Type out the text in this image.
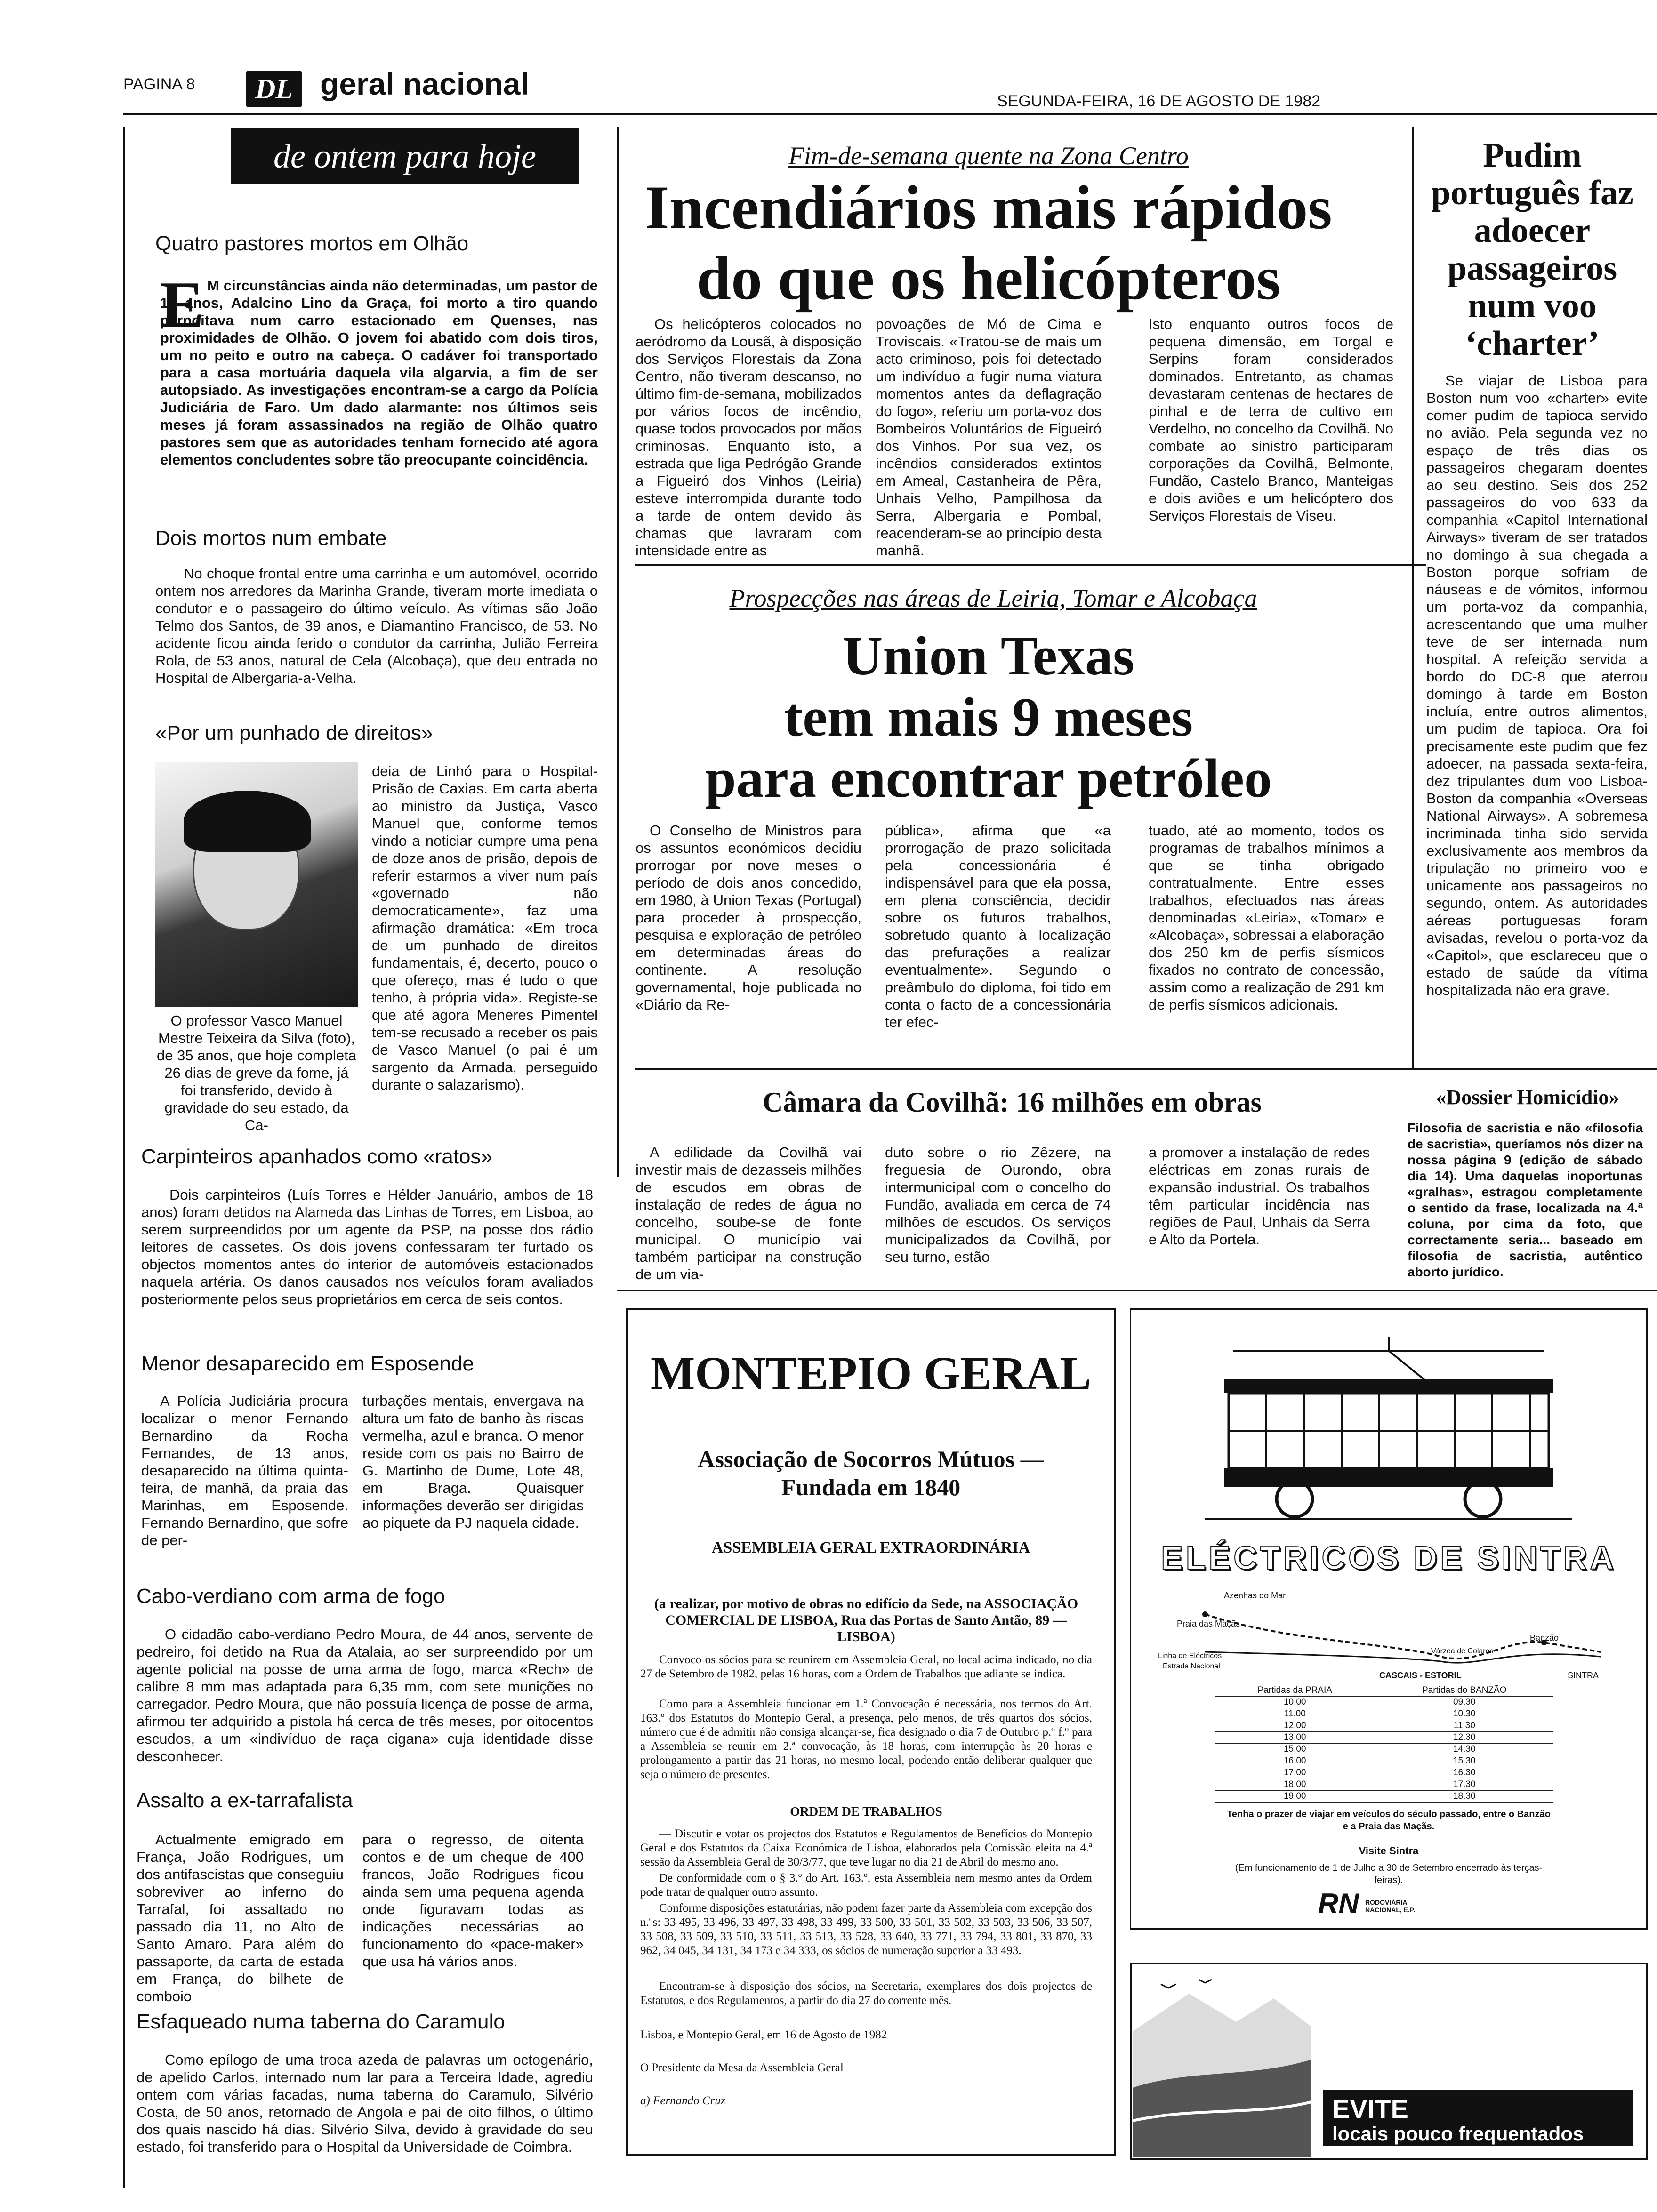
PAGINA 8	DL geral nacional	SEGUNDA-FEIRA, 16 DE AGOSTO DE 1982
de ontem para hoje
Quatro pastores mortos em Olhão
E M circunstâncias ainda não determinadas, um pastor de 19 anos, Adalcino Lino da Graça, foi morto a tiro quando pernoitava num carro estacionado em Quenses, nas proximidades de Olhão. O jovem foi abatido com dois tiros, um no peito e outro na cabeça. O cadáver foi transportado para a casa mortuária daquela vila algarvia, a fim de ser autopsiado. As investigações encontram-se a cargo da Polícia Judiciária de Faro. Um dado alarmante: nos últimos seis meses já foram assassinados na região de Olhão quatro pastores sem que as autoridades tenham fornecido até agora elementos concludentes sobre tão preocupante coincidência.

Dois mortos num embate

No choque frontal entre uma carrinha e um automóvel, ocorrido ontem nos arredores da Marinha Grande, tiveram morte imediata o condutor e o passageiro do último veículo. As vítimas são João Telmo dos Santos, de 39 anos, e Diamantino Francisco, de 53. No acidente ficou ainda ferido o condutor da carrinha, Julião Ferreira Rola, de 53 anos, natural de Cela (Alcobaça), que deu entrada no Hospital de Albergaria-a-Velha.

«Por um punhado de direitos»

O professor Vasco Manuel Mestre Teixeira da Silva (foto), de 35 anos, que hoje completa 26 dias de greve da fome, já foi transferido, devido à gravidade do seu estado, da Ca-

deia de Linhó para o Hospital-Prisão de Caxias. Em carta aberta ao ministro da Justiça, Vasco Manuel que, conforme temos vindo a noticiar cumpre uma pena de doze anos de prisão, depois de referir estarmos a viver num país «governado não democraticamente», faz uma afirmação dramática: «Em troca de um punhado de direitos fundamentais, é, decerto, pouco o que ofereço, mas é tudo o que tenho, à própria vida». Registe-se que até agora Meneres Pimentel tem-se recusado a receber os pais de Vasco Manuel (o pai é um sargento da Armada, perseguido durante o salazarismo).

Carpinteiros apanhados como «ratos»

Dois carpinteiros (Luís Torres e Hélder Januário, ambos de 18 anos) foram detidos na Alameda das Linhas de Torres, em Lisboa, ao serem surpreendidos por um agente da PSP, na posse dos rádio leitores de cassetes. Os dois jovens confessaram ter furtado os objectos momentos antes do interior de automóveis estacionados naquela artéria. Os danos causados nos veículos foram avaliados posteriormente pelos seus proprietários em cerca de seis contos.

Menor desaparecido em Esposende

A Polícia Judiciária procura localizar o menor Fernando Bernardino da Rocha Fernandes, de 13 anos, desaparecido na última quinta-feira, de manhã, da praia das Marinhas, em Esposende. Fernando Bernardino, que sofre de per-

turbações mentais, envergava na altura um fato de banho às riscas vermelha, azul e branca. O menor reside com os pais no Bairro de G. Martinho de Dume, Lote 48, em Braga. Quaisquer informações deverão ser dirigidas ao piquete da PJ naquela cidade.

Cabo-verdiano com arma de fogo

O cidadão cabo-verdiano Pedro Moura, de 44 anos, servente de pedreiro, foi detido na Rua da Atalaia, ao ser surpreendido por um agente policial na posse de uma arma de fogo, marca «Rech» de calibre 8 mm mas adaptada para 6,35 mm, com sete munições no carregador. Pedro Moura, que não possuía licença de posse de arma, afirmou ter adquirido a pistola há cerca de três meses, por oitocentos escudos, a um «indivíduo de raça cigana» cuja identidade disse desconhecer.

Assalto a ex-tarrafalista

Actualmente emigrado em França, João Rodrigues, um dos antifascistas que conseguiu sobreviver ao inferno do Tarrafal, foi assaltado no passado dia 11, no Alto de Santo Amaro. Para além do passaporte, da carta de estada em França, do bilhete de comboio

para o regresso, de oitenta contos e de um cheque de 400 francos, João Rodrigues ficou ainda sem uma pequena agenda onde figuravam todas as indicações necessárias ao funcionamento do «pace-maker» que usa há vários anos.

Esfaqueado numa taberna do Caramulo

Como epílogo de uma troca azeda de palavras um octogenário, de apelido Carlos, internado num lar para a Terceira Idade, agrediu ontem com várias facadas, numa taberna do Caramulo, Silvério Costa, de 50 anos, retornado de Angola e pai de oito filhos, o último dos quais nascido há dias. Silvério Silva, devido à gravidade do seu estado, foi transferido para o Hospital da Universidade de Coimbra.

Fim-de-semana quente na Zona Centro
Incendiários mais rápidos
do que os helicópteros

Os helicópteros colocados no aeródromo da Lousã, à disposição dos Serviços Florestais da Zona Centro, não tiveram descanso, no último fim-de-semana, mobilizados por vários focos de incêndio, quase todos provocados por mãos criminosas. Enquanto isto, a estrada que liga Pedrógão Grande a Figueiró dos Vinhos (Leiria) esteve interrompida durante todo a tarde de ontem devido às chamas que lavraram com intensidade entre as

povoações de Mó de Cima e Troviscais. «Tratou-se de mais um acto criminoso, pois foi detectado um indivíduo a fugir numa viatura momentos antes da deflagração do fogo», referiu um porta-voz dos Bombeiros Voluntários de Figueiró dos Vinhos. Por sua vez, os incêndios considerados extintos em Ameal, Castanheira de Pêra, Unhais Velho, Pampilhosa da Serra, Albergaria e Pombal, reacenderam-se ao princípio desta manhã.

Isto enquanto outros focos de pequena dimensão, em Torgal e Serpins foram considerados dominados. Entretanto, as chamas devastaram centenas de hectares de pinhal e de terra de cultivo em Verdelho, no concelho da Covilhã. No combate ao sinistro participaram corporações da Covilhã, Belmonte, Fundão, Castelo Branco, Manteigas e dois aviões e um helicóptero dos Serviços Florestais de Viseu.

Pudim português faz adoecer passageiros num voo ‘charter’

Se viajar de Lisboa para Boston num voo «charter» evite comer pudim de tapioca servido no avião. Pela segunda vez no espaço de três dias os passageiros chegaram doentes ao seu destino. Seis dos 252 passageiros do voo 633 da companhia «Capitol International Airways» tiveram de ser tratados no domingo à sua chegada a Boston porque sofriam de náuseas e de vómitos, informou um porta-voz da companhia, acrescentando que uma mulher teve de ser internada num hospital. A refeição servida a bordo do DC-8 que aterrou domingo à tarde em Boston incluía, entre outros alimentos, um pudim de tapioca. Ora foi precisamente este pudim que fez adoecer, na passada sexta-feira, dez tripulantes dum voo Lisboa-Boston da companhia «Overseas National Airways». A sobremesa incriminada tinha sido servida exclusivamente aos membros da tripulação no primeiro voo e unicamente aos passageiros no segundo, ontem. As autoridades aéreas portuguesas foram avisadas, revelou o porta-voz da «Capitol», que esclareceu que o estado de saúde da vítima hospitalizada não era grave.

Prospecções nas áreas de Leiria, Tomar e Alcobaça
Union Texas
tem mais 9 meses
para encontrar petróleo

O Conselho de Ministros para os assuntos económicos decidiu prorrogar por nove meses o período de dois anos concedido, em 1980, à Union Texas (Portugal) para proceder à prospecção, pesquisa e exploração de petróleo em determinadas áreas do continente. A resolução governamental, hoje publicada no «Diário da Re-

pública», afirma que «a prorrogação de prazo solicitada pela concessionária é indispensável para que ela possa, em plena consciência, decidir sobre os futuros trabalhos, sobretudo quanto à localização das prefurações a realizar eventualmente». Segundo o preâmbulo do diploma, foi tido em conta o facto de a concessionária ter efec-

tuado, até ao momento, todos os programas de trabalhos mínimos a que se tinha obrigado contratualmente. Entre esses trabalhos, efectuados nas áreas denominadas «Leiria», «Tomar» e «Alcobaça», sobressai a elaboração dos 250 km de perfis sísmicos fixados no contrato de concessão, assim como a realização de 291 km de perfis sísmicos adicionais.

Câmara da Covilhã: 16 milhões em obras

A edilidade da Covilhã vai investir mais de dezasseis milhões de escudos em obras de instalação de redes de água no concelho, soube-se de fonte municipal. O município vai também participar na construção de um via-

duto sobre o rio Zêzere, na freguesia de Ourondo, obra intermunicipal com o concelho do Fundão, avaliada em cerca de 74 milhões de escudos. Os serviços municipalizados da Covilhã, por seu turno, estão

a promover a instalação de redes eléctricas em zonas rurais de expansão industrial. Os trabalhos têm particular incidência nas regiões de Paul, Unhais da Serra e Alto da Portela.

«Dossier Homicídio»

Filosofia de sacristia e não «filosofia de sacristia», queríamos nós dizer na nossa página 9 (edição de sábado dia 14). Uma daquelas inoportunas «gralhas», estragou completamente o sentido da frase, localizada na 4.ª coluna, por cima da foto, que correctamente seria... baseado em filosofia de sacristia, autêntico aborto jurídico.

MONTEPIO GERAL
Associação de Socorros Mútuos — Fundada em 1840
ASSEMBLEIA GERAL EXTRAORDINÁRIA

(a realizar, por motivo de obras no edifício da Sede, na ASSOCIAÇÃO COMERCIAL DE LISBOA, Rua das Portas de Santo Antão, 89 — LISBOA)

Convoco os sócios para se reunirem em Assembleia Geral, no local acima indicado, no dia 27 de Setembro de 1982, pelas 16 horas, com a Ordem de Trabalhos que adiante se indica.

Como para a Assembleia funcionar em 1.ª Convocação é necessária, nos termos do Art. 163.º dos Estatutos do Montepio Geral, a presença, pelo menos, de três quartos dos sócios, número que é de admitir não consiga alcançar-se, fica designado o dia 7 de Outubro p.º f.º para a Assembleia se reunir em 2.ª convocação, às 18 horas, com interrupção às 20 horas e prolongamento a partir das 21 horas, no mesmo local, podendo então deliberar qualquer que seja o número de presentes.

ORDEM DE TRABALHOS

— Discutir e votar os projectos dos Estatutos e Regulamentos de Benefícios do Montepio Geral e dos Estatutos da Caixa Económica de Lisboa, elaborados pela Comissão eleita na 4.ª sessão da Assembleia Geral de 30/3/77, que teve lugar no dia 21 de Abril do mesmo ano.

De conformidade com o § 3.º do Art. 163.º, esta Assembleia nem mesmo antes da Ordem pode tratar de qualquer outro assunto.

Conforme disposições estatutárias, não podem fazer parte da Assembleia com excepção dos n.ºs: 33 495, 33 496, 33 497, 33 498, 33 499, 33 500, 33 501, 33 502, 33 503, 33 506, 33 507, 33 508, 33 509, 33 510, 33 511, 33 513, 33 528, 33 640, 33 771, 33 794, 33 801, 33 870, 33 962, 34 045, 34 131, 34 173 e 34 333, os sócios de numeração superior a 33 493.

Encontram-se à disposição dos sócios, na Secretaria, exemplares dos dois projectos de Estatutos, e dos Regulamentos, a partir do dia 27 do corrente mês.

Lisboa, e Montepio Geral, em 16 de Agosto de 1982
O Presidente da Mesa da Assembleia Geral
a) Fernando Cruz
ELÉCTRICOS DE SINTRA
Azenhas do Mar
Praia das Maçãs
Linha de Eléctricos
Estrada Nacional
Várzea de Colares
CASCAIS - ESTORIL
Banzão
SINTRA
Partidas da PRAIA	Partidas do BANZÃO
10.00	09.30
11.00	10.30
12.00	11.30
13.00	12.30
15.00	14.30
16.00	15.30
17.00	16.30
18.00	17.30
19.00	18.30

Tenha o prazer de viajar em veículos do século passado, entre o Banzão e a Praia das Maçãs.

Visite Sintra

(Em funcionamento de 1 de Julho a 30 de Setembro encerrado às terças-feiras).

RN RODOVIÁRIA NACIONAL, E.P.
EVITE
locais pouco frequentados
